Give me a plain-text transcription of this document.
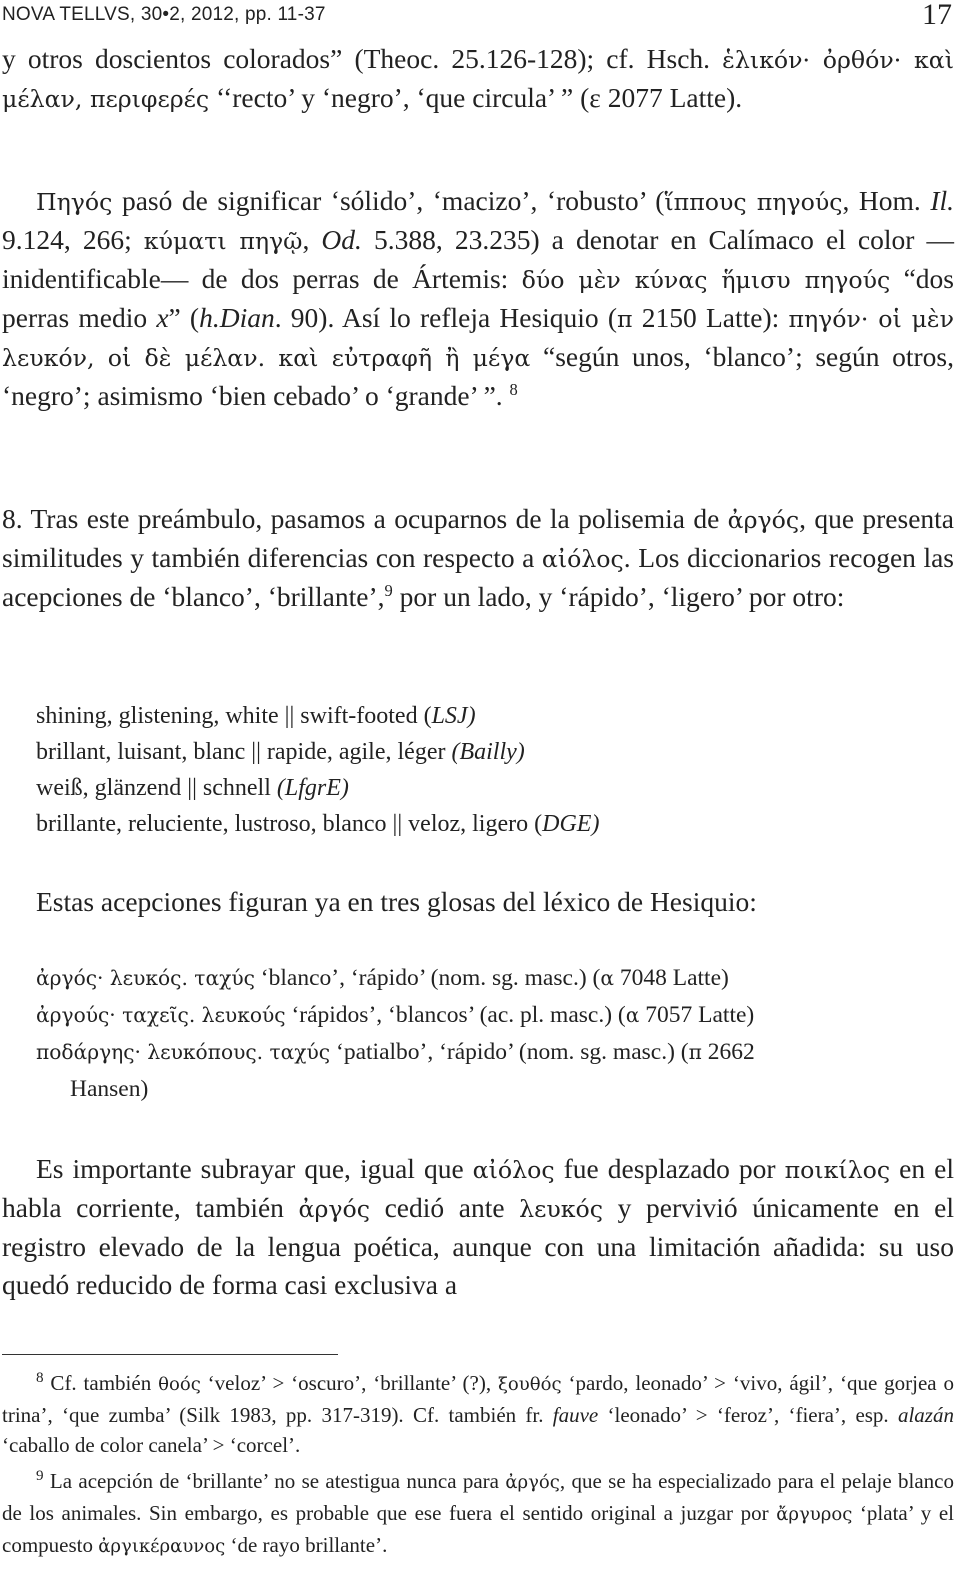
NOVA TELLVS, 30•2, 2012, pp. 11-37	17

y otros doscientos colorados” (Theoc. 25.126-128); cf. Hsch. ἑλικόν· ὀρθόν· καὶ μέλαν, περιφερές ‘‘recto’ y ‘negro’, ‘que circula’ ” (ε 2077 Latte).

Πηγός pasó de significar ‘sólido’, ‘macizo’, ‘robusto’ (ἵππους πηγούς, Hom. Il. 9.124, 266; κύματι πηγῷ, Od. 5.388, 23.235) a denotar en Calímaco el color —inidentificable— de dos perras de Ártemis: δύο μὲν κύνας ἥμισυ πηγούς “dos perras medio x” (h.Dian. 90). Así lo refleja Hesiquio (π 2150 Latte): πηγόν· οἱ μὲν λευκόν, οἱ δὲ μέλαν. καὶ εὐτραφῆ ἢ μέγα “según unos, ‘blanco’; según otros, ‘negro’; asimismo ‘bien cebado’ o ‘grande’ ”. $^8$

8. Tras este preámbulo, pasamos a ocuparnos de la polisemia de ἀργός, que presenta similitudes y también diferencias con respecto a αἰόλος. Los diccionarios recogen las acepciones de ‘blanco’, ‘brillante’,$^9$ por un lado, y ‘rápido’, ‘ligero’ por otro:

shining, glistening, white || swift-footed (LSJ)
brillant, luisant, blanc || rapide, agile, léger (Bailly)
weiß, glänzend || schnell (LfgrE)
brillante, reluciente, lustroso, blanco || veloz, ligero (DGE)

Estas acepciones figuran ya en tres glosas del léxico de Hesiquio:

ἀργός· λευκός. ταχύς ‘blanco’, ‘rápido’ (nom. sg. masc.) (α 7048 Latte)
ἀργούς· ταχεῖς. λευκούς ‘rápidos’, ‘blancos’ (ac. pl. masc.) (α 7057 Latte)
ποδάργης· λευκόπους. ταχύς ‘patialbo’, ‘rápido’ (nom. sg. masc.) (π 2662
Hansen)

Es importante subrayar que, igual que αἰόλος fue desplazado por ποικίλος en el habla corriente, también ἀργός cedió ante λευκός y pervivió únicamente en el registro elevado de la lengua poética, aunque con una limitación añadida: su uso quedó reducido de forma casi exclusiva a

$^8$ Cf. también θοός ‘veloz’ > ‘oscuro’, ‘brillante’ (?), ξουθός ‘pardo, leonado’ > ‘vivo, ágil’, ‘que gorjea o trina’, ‘que zumba’ (Silk 1983, pp. 317-319). Cf. también fr. fauve ‘leonado’ > ‘feroz’, ‘fiera’, esp. alazán ‘caballo de color canela’ > ‘corcel’.

$^9$ La acepción de ‘brillante’ no se atestigua nunca para ἀργός, que se ha especializado para el pelaje blanco de los animales. Sin embargo, es probable que ese fuera el sentido original a juzgar por ἄργυρος ‘plata’ y el compuesto ἀργικέραυνος ‘de rayo brillante’.
